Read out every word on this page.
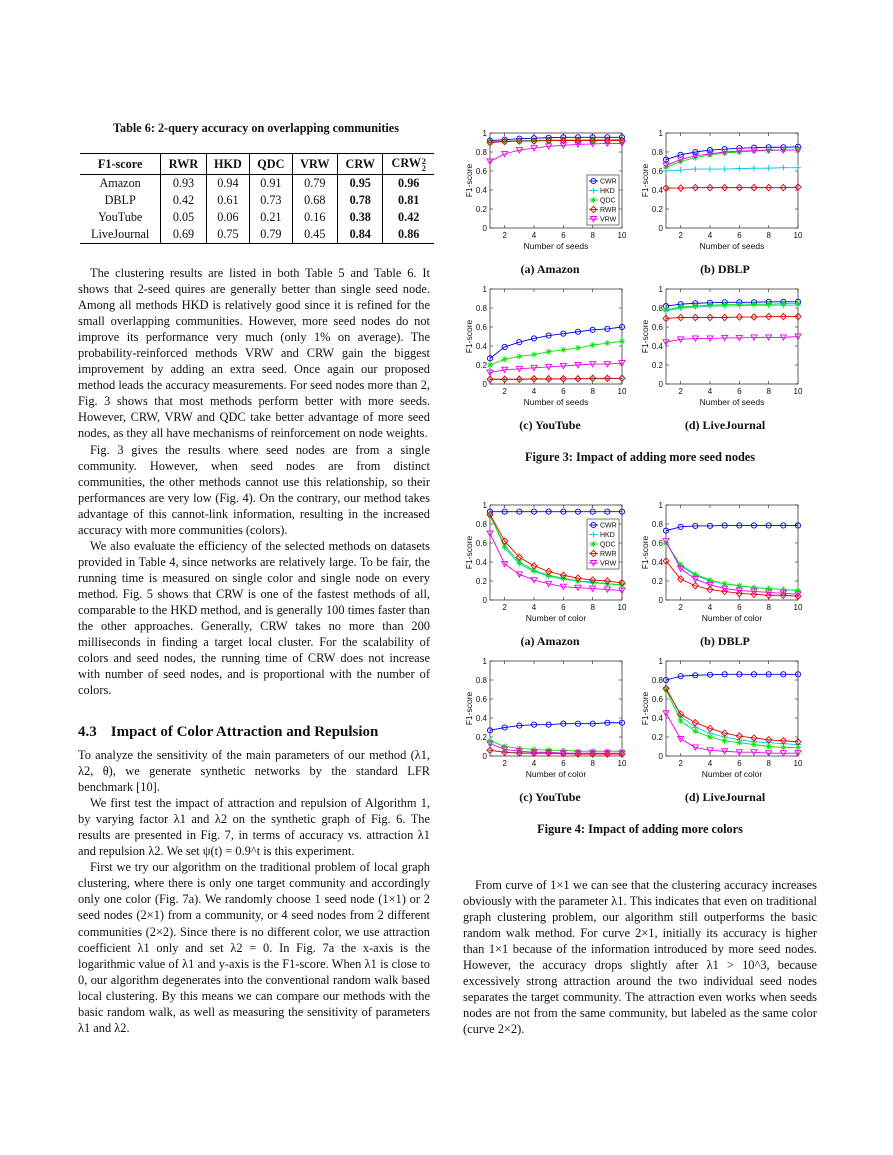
Table 6: 2-query accuracy on overlapping communities
F1-score	RWR	HKD	QDC	VRW	CRW	CRW 2
2

Amazon	0.93	0.94	0.91	0.79	0.95	0.96
DBLP	0.42	0.61	0.73	0.68	0.78	0.81
YouTube	0.05	0.06	0.21	0.16	0.38	0.42
LiveJournal	0.69	0.75	0.79	0.45	0.84	0.86

The clustering results are listed in both Table 5 and Table 6. It shows that 2-seed quires are generally better than single seed node. Among all methods HKD is relatively good since it is refined for the small overlapping communities. However, more seed nodes do not improve its performance very much (only 1% on average). The probability-reinforced methods VRW and CRW gain the biggest improvement by adding an extra seed. Once again our proposed method leads the accuracy measurements. For seed nodes more than 2, Fig. 3 shows that most methods perform better with more seeds. However, CRW, VRW and QDC take better advantage of more seed nodes, as they all have mechanisms of reinforcement on node weights.

Fig. 3 gives the results where seed nodes are from a single community. However, when seed nodes are from distinct communities, the other methods cannot use this relationship, so their performances are very low (Fig. 4). On the contrary, our method takes advantage of this cannot-link information, resulting in the increased accuracy with more communities (colors).

We also evaluate the efficiency of the selected methods on datasets provided in Table 4, since networks are relatively large. To be fair, the running time is measured on single color and single node on every method. Fig. 5 shows that CRW is one of the fastest methods of all, comparable to the HKD method, and is generally 100 times faster than the other approaches. Generally, CRW takes no more than 200 milliseconds in finding a target local cluster. For the scalability of colors and seed nodes, the running time of CRW does not increase with number of seed nodes, and is proportional with the number of colors.

4.3 Impact of Color Attraction and Repulsion

To analyze the sensitivity of the main parameters of our method (λ1, λ2, θ), we generate synthetic networks by the standard LFR benchmark [10].

We first test the impact of attraction and repulsion of Algorithm 1, by varying factor λ1 and λ2 on the synthetic graph of Fig. 6. The results are presented in Fig. 7, in terms of accuracy vs. attraction λ1 and repulsion λ2. We set ψ(t) = 0.9^t is this experiment.

First we try our algorithm on the traditional problem of local graph clustering, where there is only one target community and accordingly only one color (Fig. 7a). We randomly choose 1 seed node (1×1) or 2 seed nodes (2×1) from a community, or 4 seed nodes from 2 different communities (2×2). Since there is no different color, we use attraction coefficient λ1 only and set λ2 = 0. In Fig. 7a the x-axis is the logarithmic value of λ1 and y-axis is the F1-score. When λ1 is close to 0, our algorithm degenerates into the conventional random walk based local clustering. By this means we can compare our methods with the basic random walk, as well as measuring the sensitivity of parameters λ1 and λ2.

From curve of 1×1 we can see that the clustering accuracy increases obviously with the parameter λ1. This indicates that even on traditional graph clustering problem, our algorithm still outperforms the basic random walk method. For curve 2×1, initially its accuracy is higher than 1×1 because of the information introduced by more seed nodes. However, the accuracy drops slightly after λ1 > 10^3, because excessively strong attraction around the two individual seed nodes separates the target community. The attraction even works when seeds nodes are not from the same community, but labeled as the same color (curve 2×2).

0
0.2
0.4
0.6
0.8
1
2	4	6	8	10
Number of seeds
F1-score	CWR
HKD
QDC
RWR
VRW
0
0.2
0.4
0.6
0.8
1
2	4	6	8	10
Number of seeds
F1-score
(a) Amazon	(b) DBLP
0
0.2
0.4
0.6
0.8
1
2	4	6	8	10
Number of seeds
F1-score
0
0.2
0.4
0.6
0.8
1
2	4	6	8	10
Number of seeds
F1-score
(c) YouTube	(d) LiveJournal
Figure 3: Impact of adding more seed nodes
0
0.2
0.4
0.6
0.8
1
2	4	6	8	10
Number of color
F1-score
CWR
HKD
QDC
RWR
VRW
0
0.2
0.4
0.6
0.8
1
2	4	6	8	10
Number of color
F1-score
(a) Amazon	(b) DBLP
0
0.2
0.4
0.6
0.8
1
2	4	6	8	10
Number of color
F1-score
0
0.2
0.4
0.6
0.8
1
2	4	6	8	10
Number of color
F1-score
(c) YouTube	(d) LiveJournal
Figure 4: Impact of adding more colors
